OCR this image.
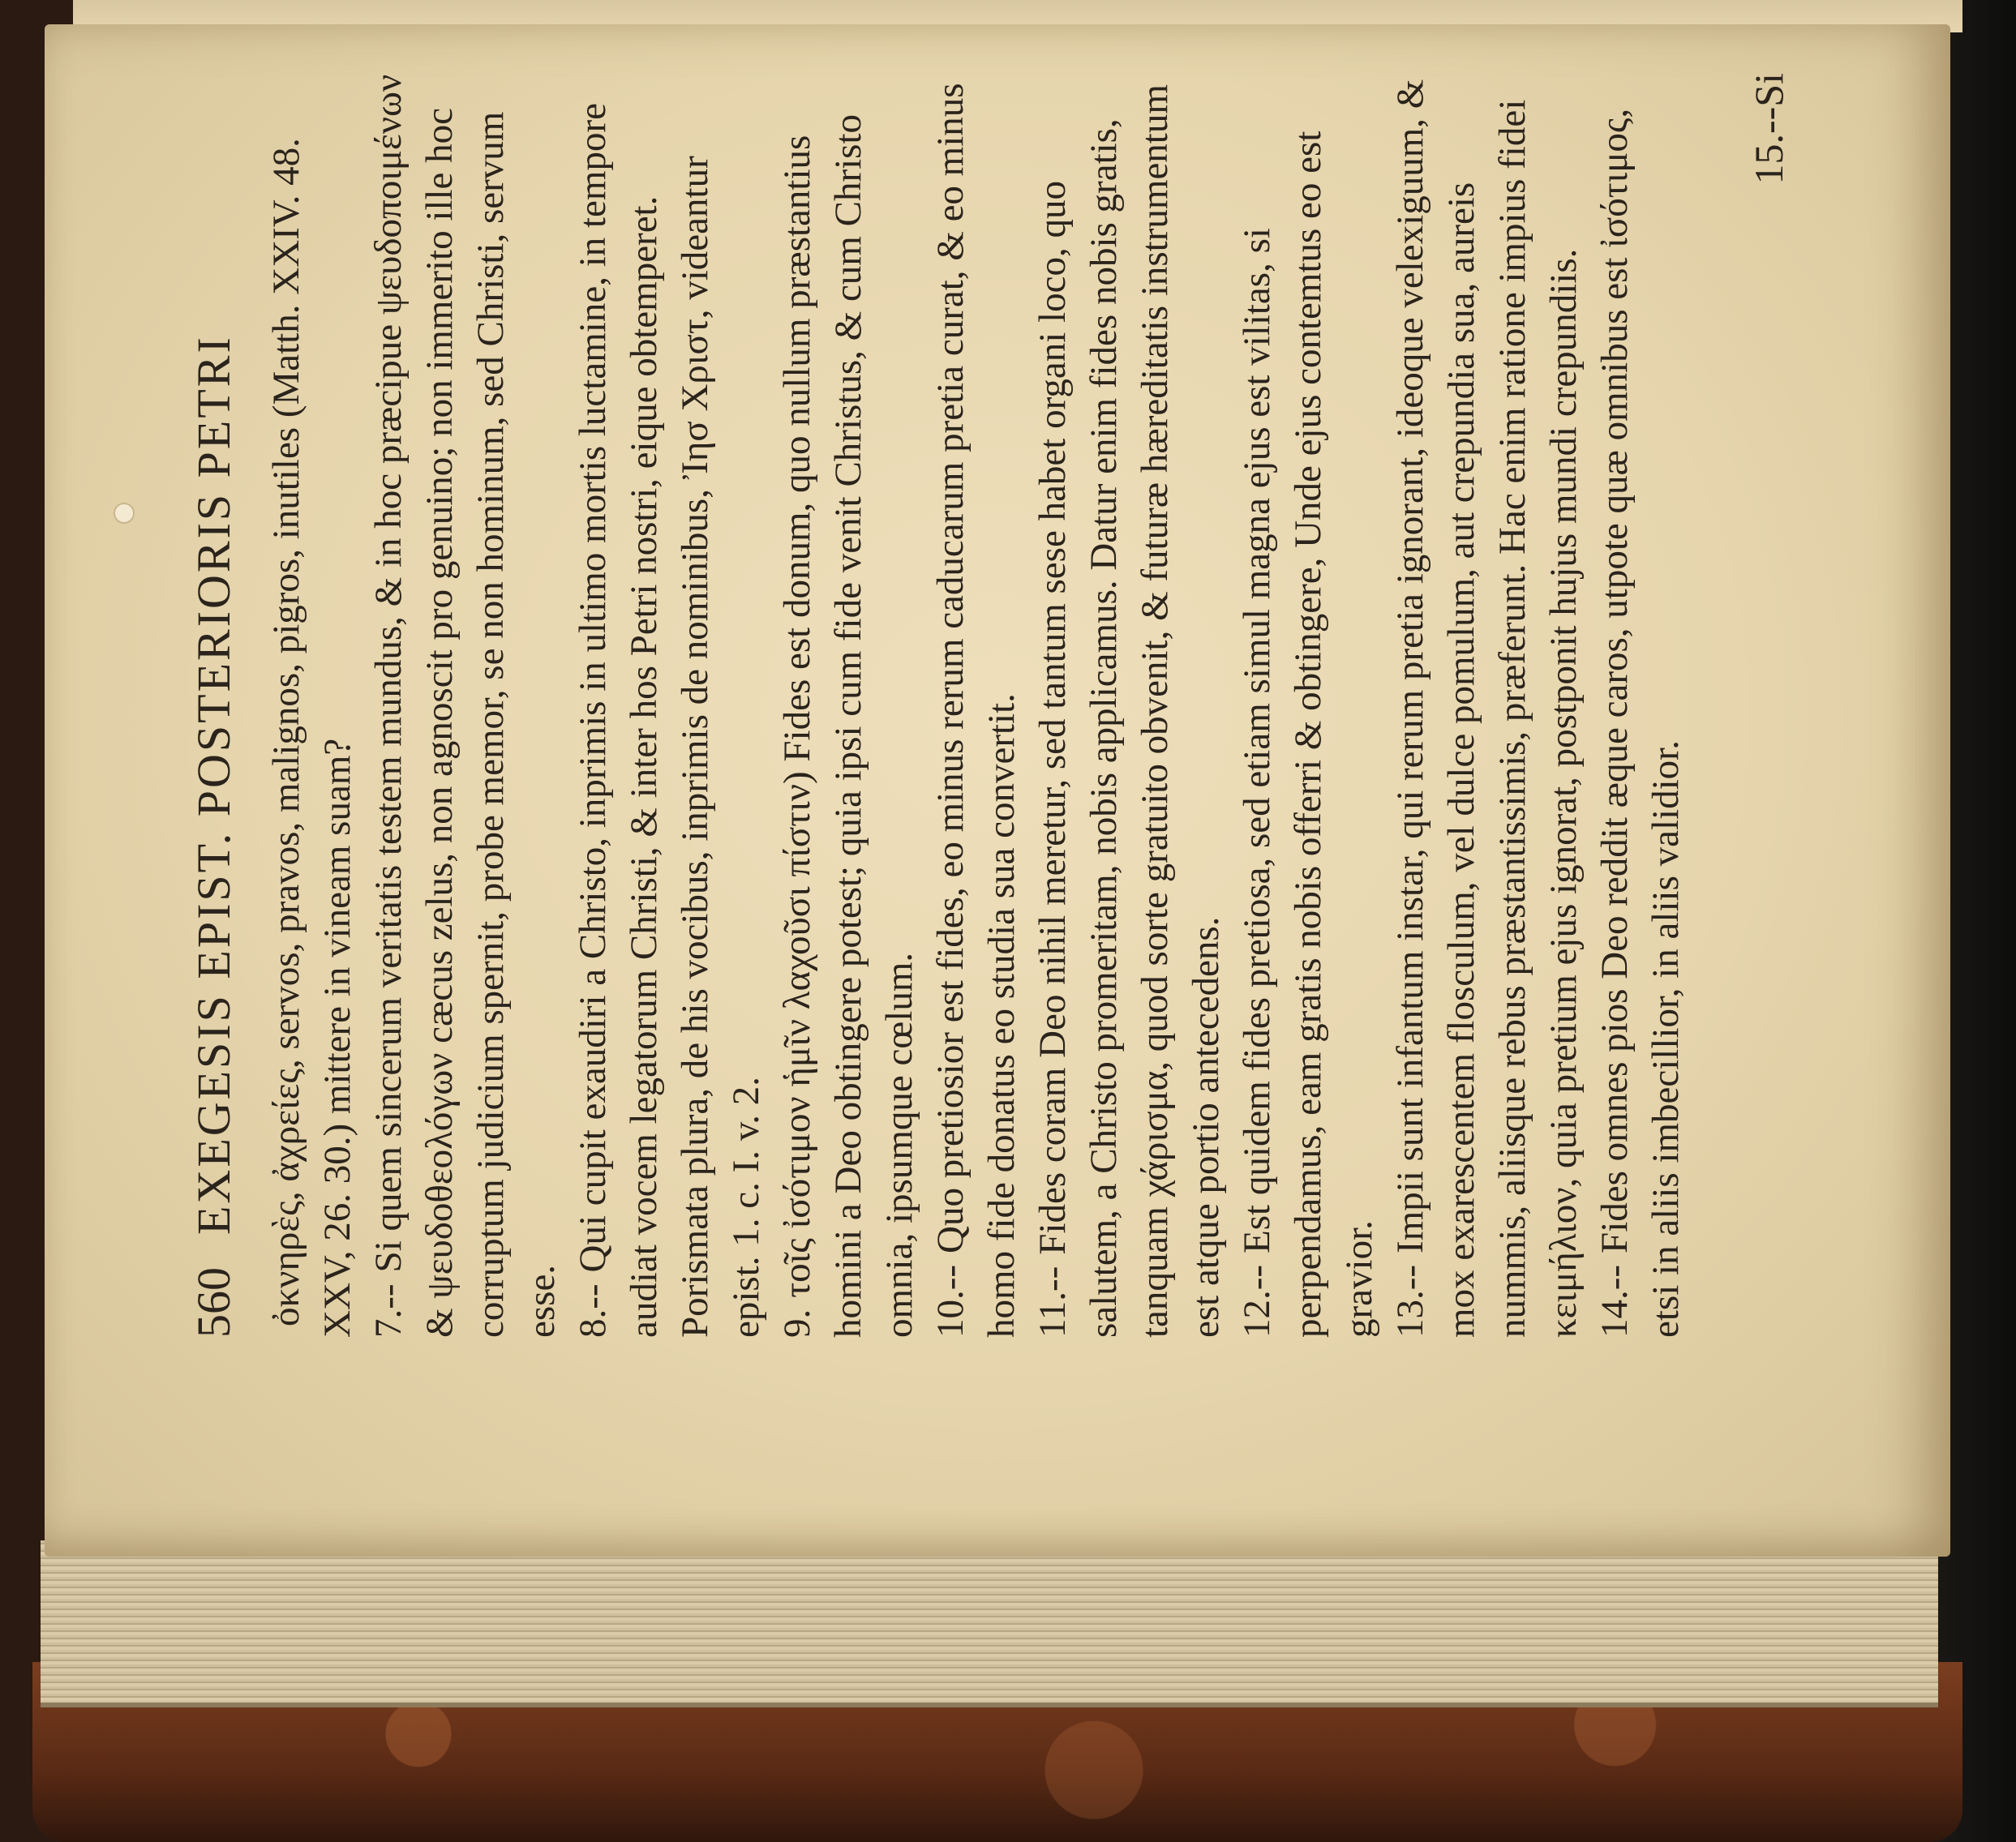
560
EXEGESIS EPIST. POSTERIORIS PETRI ὀκνηρὲς, ἀχρείες, servos, pravos, malignos, pigros, inutiles (Matth. XXIV. 48. XXV, 26. 30.) mittere in vineam suam? 7.--Si quem sincerum veritatis testem mundus, & in hoc præcipue ψευδοποιμένων & ψευδοθεολόγων cæcus zelus, non agnoscit pro genuino; non immerito ille hoc corruptum judicium spernit, probe memor, se non hominum, sed Christi, servum esse. 8.--Qui cupit exaudiri a Christo, inprimis in ultimo mortis luctamine, in tempore audiat vocem legatorum Christi, & inter hos Petri nostri, eique obtemperet. Porismata plura, de his vocibus, inprimis de nominibus, Ἰησ Χριστ, videantur epist. 1. c. I. v. 2. 9.τοῖς ἰσότιμον ἡμῖν λαχοῦσι πίστιν) Fides est donum, quo nullum præstantius homini a Deo obtingere potest; quia ipsi cum fide venit Christus, & cum Christo omnia, ipsumque cœlum. 10.--Quo pretiosior est fides, eo minus rerum caducarum pretia curat, & eo minus homo fide donatus eo studia sua convertit. 11.--Fides coram Deo nihil meretur, sed tantum sese habet organi loco, quo salutem, a Christo promeritam, nobis applicamus. Datur enim fides nobis gratis, tanquam χάρισμα, quod sorte gratuito obvenit, & futuræ hæreditatis instrumentum est atque portio antecedens. 12.--Est quidem fides pretiosa, sed etiam simul magna ejus est vilitas, si perpendamus, eam gratis nobis offerri & obtingere, Unde ejus contemtus eo est gravior. 13.--Impii sunt infantum instar, qui rerum pretia ignorant, ideoque velexiguum, & mox exarescentem flosculum, vel dulce pomulum, aut crepundia sua, aureis nummis, aliisque rebus præstantissimis, præferunt. Hac enim ratione impius fidei κειμήλιον, quia pretium ejus ignorat, postponit hujus mundi crepundiis. 14.--Fides omnes pios Deo reddit æque caros, utpote quæ omnibus est ἰσότιμος, etsi in aliis imbecillior, in aliis validior.

15.--Si
